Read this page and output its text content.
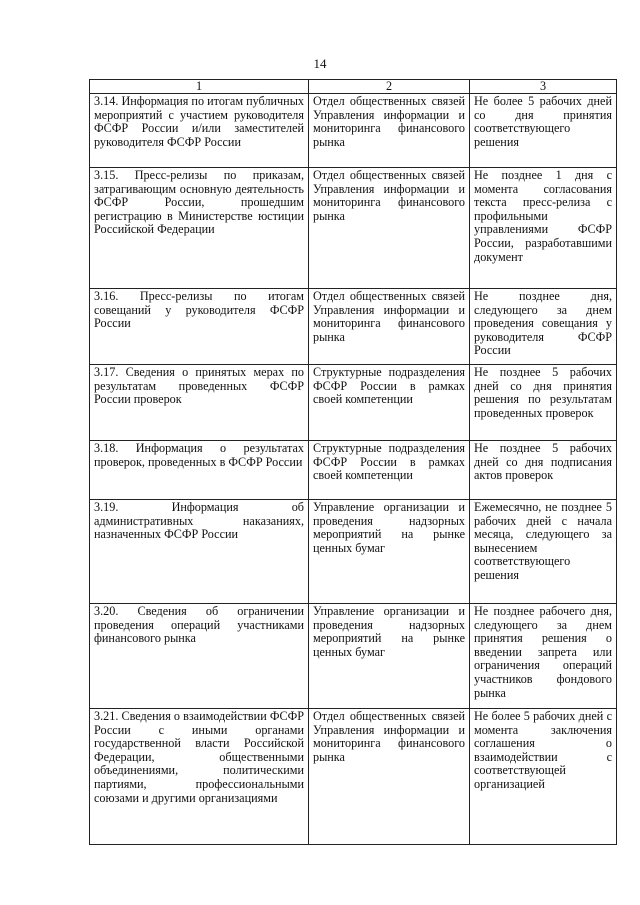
14
1	2	3
3.14. Информация по итогам публичных мероприятий с участием руководителя ФСФР России и/или заместителей руководителя ФСФР России	Отдел общественных связей Управления информации и мониторинга финансового рынка	Не более 5 рабочих дней со дня принятия соответствующего решения
3.15. Пресс-релизы по приказам, затрагивающим основную деятельность ФСФР России, прошедшим регистрацию в Министерстве юстиции Российской Федерации	Отдел общественных связей Управления информации и мониторинга финансового рынка	Не позднее 1 дня с момента согласования текста пресс-релиза с профильными управлениями ФСФР России, разработавшими документ
3.16. Пресс-релизы по итогам совещаний у руководителя ФСФР России	Отдел общественных связей Управления информации и мониторинга финансового рынка	Не позднее дня, следующего за днем проведения совещания у руководителя ФСФР России
3.17. Сведения о принятых мерах по результатам проведенных ФСФР России проверок	Структурные подразделения ФСФР России в рамках своей компетенции	Не позднее 5 рабочих дней со дня принятия решения по результатам проведенных проверок
3.18. Информация о результатах проверок, проведенных в ФСФР России	Структурные подразделения ФСФР России в рамках своей компетенции	Не позднее 5 рабочих дней со дня подписания актов проверок
3.19. Информация об административных наказаниях, назначенных ФСФР России	Управление организации и проведения надзорных мероприятий на рынке ценных бумаг	Ежемесячно, не позднее 5 рабочих дней с начала месяца, следующего за вынесением соответствующего решения
3.20. Сведения об ограничении проведения операций участниками финансового рынка	Управление организации и проведения надзорных мероприятий на рынке ценных бумаг	Не позднее рабочего дня, следующего за днем принятия решения о введении запрета или ограничения операций участников фондового рынка
3.21. Сведения о взаимодействии ФСФР России с иными органами государственной власти Российской Федерации, общественными объединениями, политическими партиями, профессиональными союзами и другими организациями	Отдел общественных связей Управления информации и мониторинга финансового рынка	Не более 5 рабочих дней с момента заключения соглашения о взаимодействии с соответствующей организацией
